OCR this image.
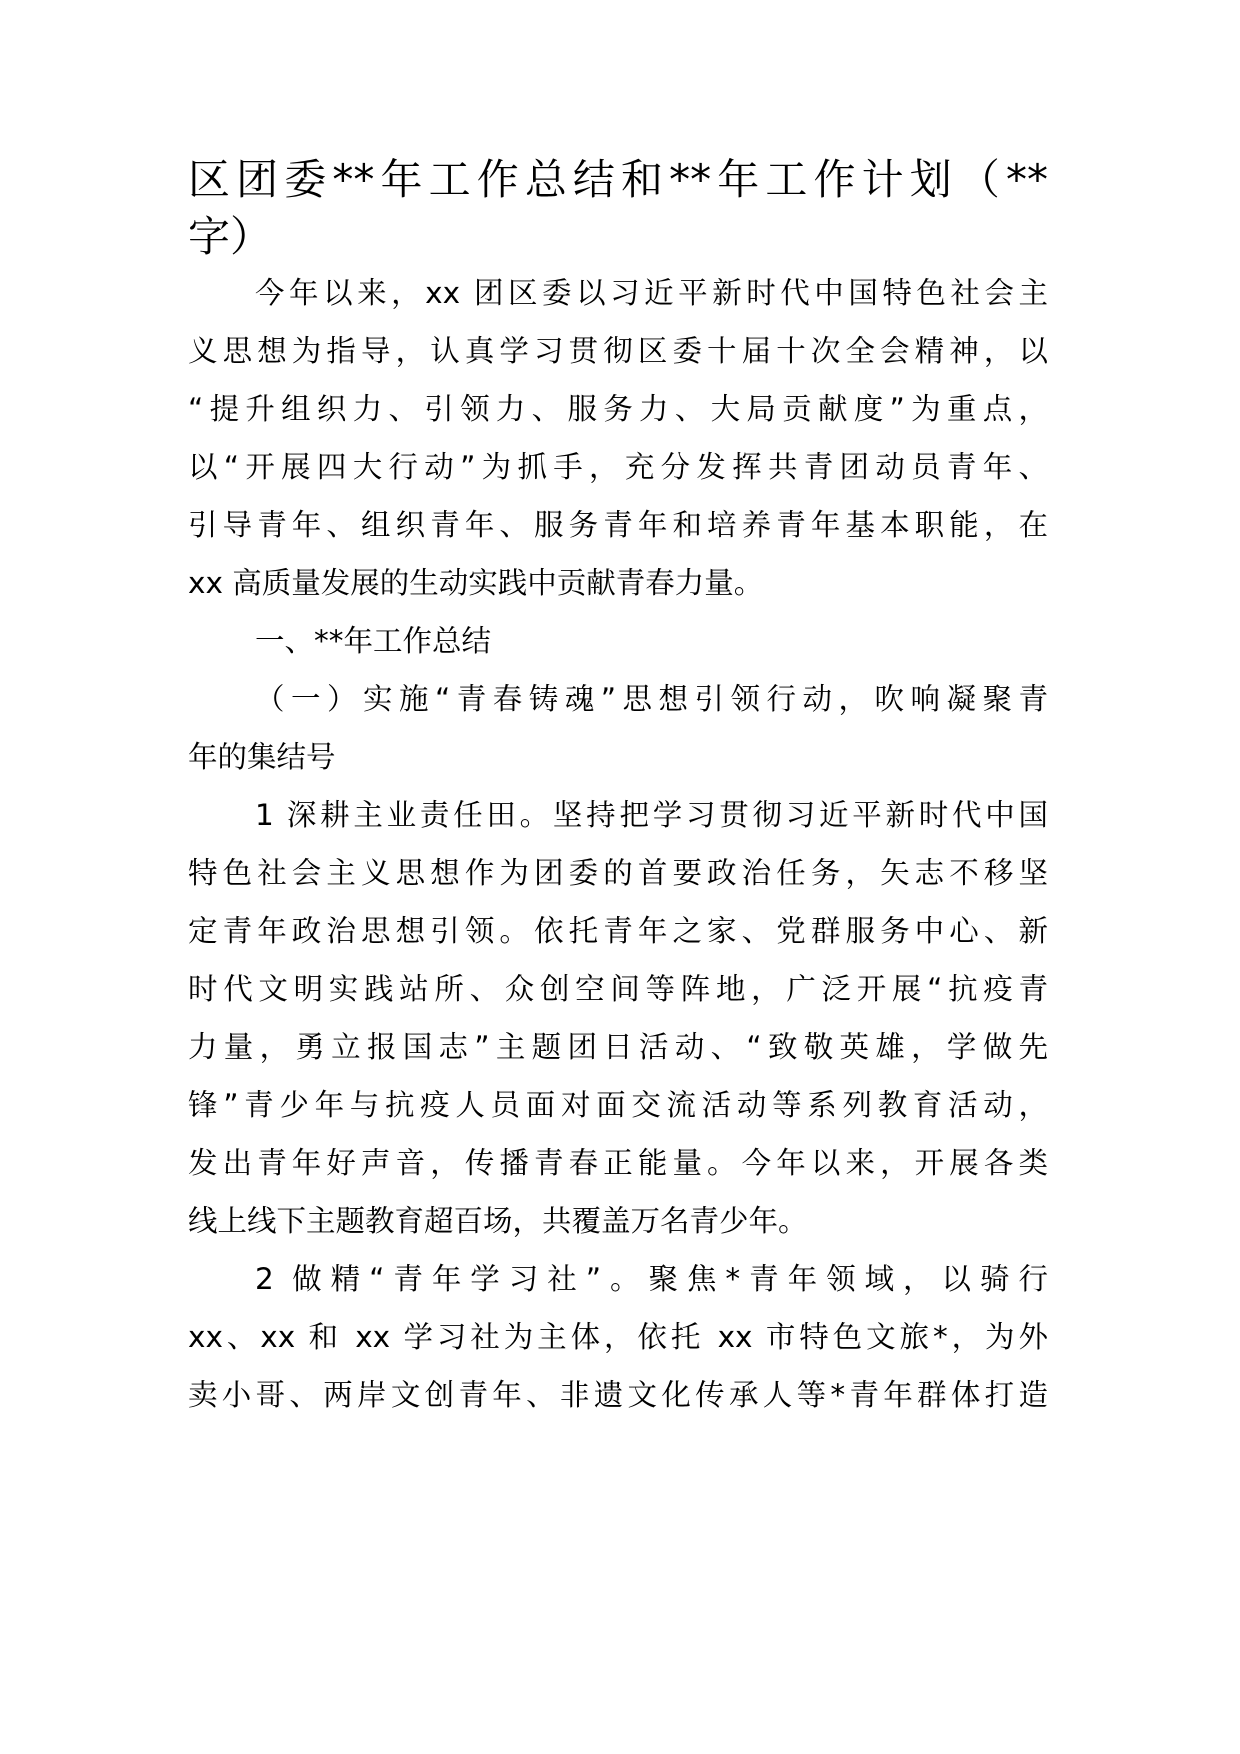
区团委**年工作总结和**年工作计划（**
字）
今年以来，xx 团区委以习近平新时代中国特色社会主
义思想为指导，认真学习贯彻区委十届十次全会精神，以
“提升组织力、引领力、服务力、大局贡献度”为重点，
以“开展四大行动”为抓手，充分发挥共青团动员青年、
引导青年、组织青年、服务青年和培养青年基本职能，在
xx 高质量发展的生动实践中贡献青春力量。
一、**年工作总结
（一）实施“青春铸魂”思想引领行动，吹响凝聚青
年的集结号
1 深耕主业责任田。坚持把学习贯彻习近平新时代中国
特色社会主义思想作为团委的首要政治任务，矢志不移坚
定青年政治思想引领。依托青年之家、党群服务中心、新
时代文明实践站所、众创空间等阵地，广泛开展“抗疫青
力量，勇立报国志”主题团日活动、“致敬英雄，学做先
锋”青少年与抗疫人员面对面交流活动等系列教育活动，
发出青年好声音，传播青春正能量。今年以来，开展各类
线上线下主题教育超百场，共覆盖万名青少年。
2 做精“青年学习社”。聚焦*青年领域，以骑行
xx、xx 和 xx 学习社为主体，依托 xx 市特色文旅*，为外
卖小哥、两岸文创青年、非遗文化传承人等*青年群体打造
